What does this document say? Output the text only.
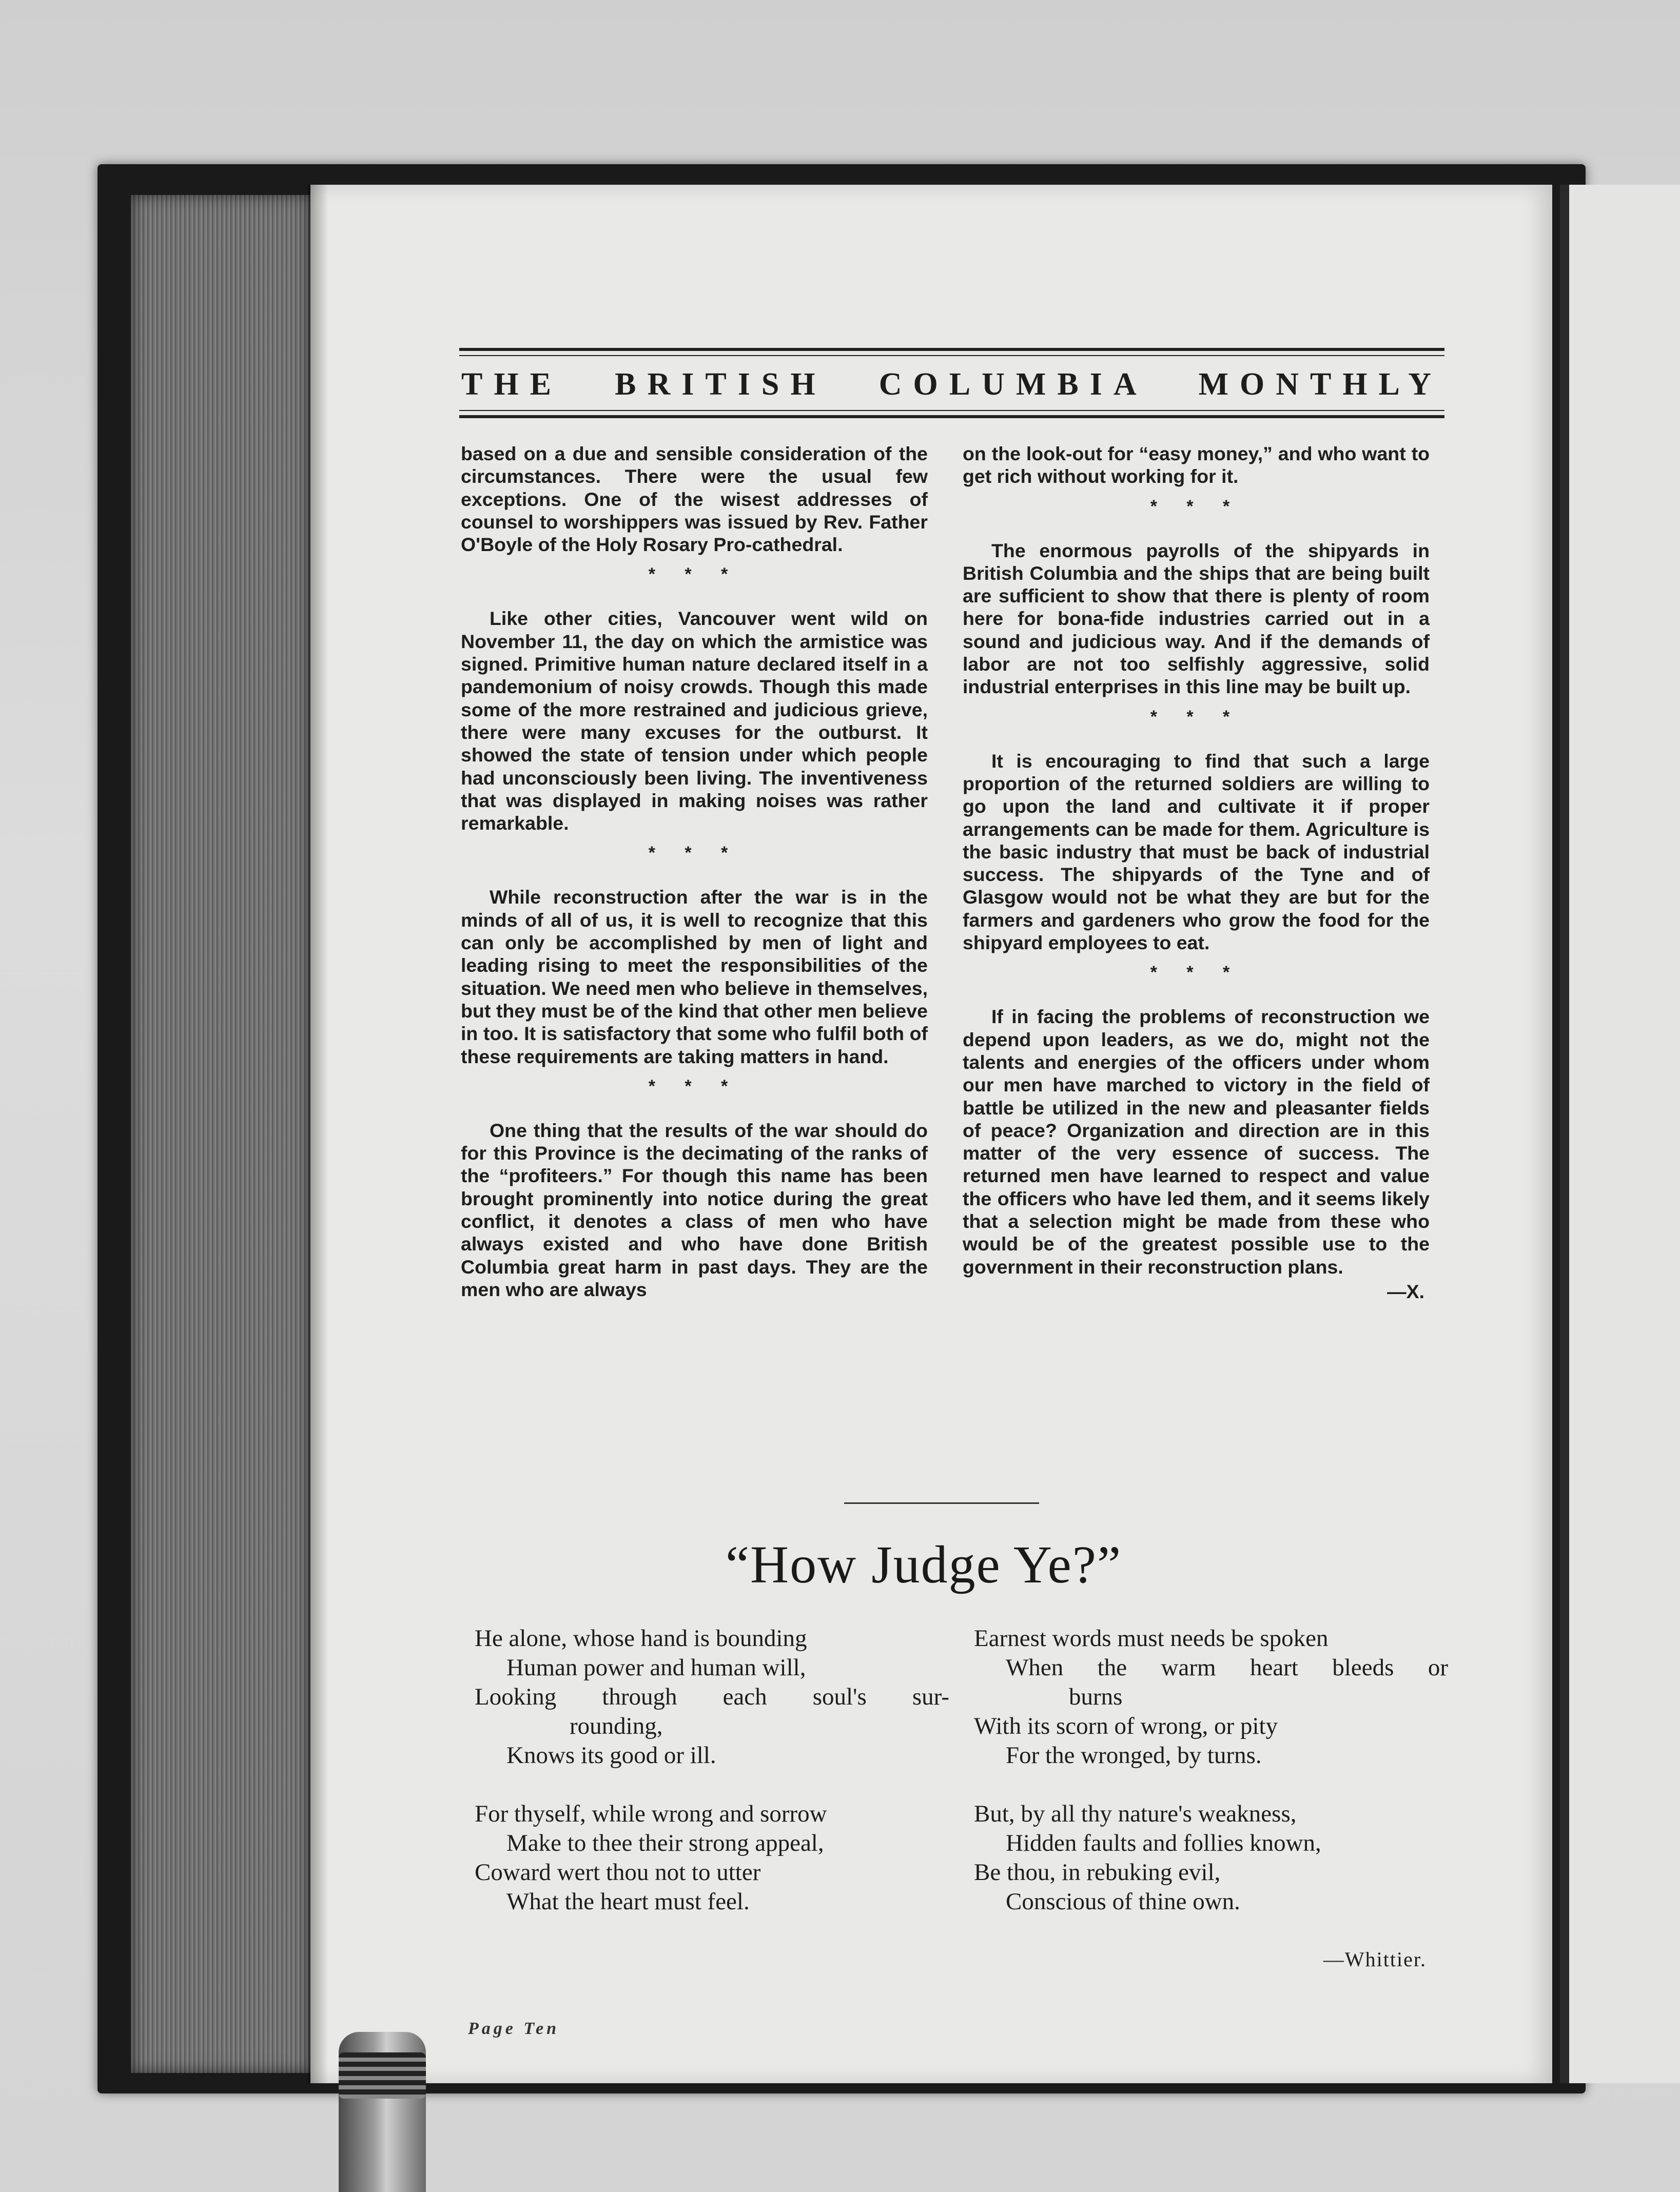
THE BRITISH COLUMBIA MONTHLY

based on a due and sensible consideration of the circumstances. There were the usual few exceptions. One of the wisest addresses of counsel to worshippers was issued by Rev. Father O'Boyle of the Holy Rosary Pro-cathedral.

* * *

Like other cities, Vancouver went wild on November 11, the day on which the armistice was signed. Primitive human nature declared itself in a pandemonium of noisy crowds. Though this made some of the more restrained and judicious grieve, there were many excuses for the outburst. It showed the state of tension under which people had unconsciously been living. The inventiveness that was displayed in making noises was rather remarkable.

* * *

While reconstruction after the war is in the minds of all of us, it is well to recognize that this can only be accomplished by men of light and leading rising to meet the responsibilities of the situation. We need men who believe in themselves, but they must be of the kind that other men believe in too. It is satisfactory that some who fulfil both of these requirements are taking matters in hand.

* * *

One thing that the results of the war should do for this Province is the decimating of the ranks of the “profiteers.” For though this name has been brought prominently into notice during the great conflict, it denotes a class of men who have always existed and who have done British Columbia great harm in past days. They are the men who are always

on the look-out for “easy money,” and who want to get rich without working for it.

* * *

The enormous payrolls of the shipyards in British Columbia and the ships that are being built are sufficient to show that there is plenty of room here for bona-fide industries carried out in a sound and judicious way. And if the demands of labor are not too selfishly aggressive, solid industrial enterprises in this line may be built up.

* * *

It is encouraging to find that such a large proportion of the returned soldiers are willing to go upon the land and cultivate it if proper arrangements can be made for them. Agriculture is the basic industry that must be back of industrial success. The shipyards of the Tyne and of Glasgow would not be what they are but for the farmers and gardeners who grow the food for the shipyard employees to eat.

* * *

If in facing the problems of reconstruction we depend upon leaders, as we do, might not the talents and energies of the officers under whom our men have marched to victory in the field of battle be utilized in the new and pleasanter fields of peace? Organization and direction are in this matter of the very essence of success. The returned men have learned to respect and value the officers who have led them, and it seems likely that a selection might be made from these who would be of the greatest possible use to the government in their reconstruction plans.

—X.
“How Judge Ye?”
He alone, whose hand is bounding
Human power and human will,
Looking through each soul's sur-
rounding,
Knows its good or ill.
For thyself, while wrong and sorrow
Make to thee their strong appeal,
Coward wert thou not to utter
What the heart must feel.
Earnest words must needs be spoken
When the warm heart bleeds or
burns
With its scorn of wrong, or pity
For the wronged, by turns.
But, by all thy nature's weakness,
Hidden faults and follies known,
Be thou, in rebuking evil,
Conscious of thine own.
—Whittier.
Page Ten
